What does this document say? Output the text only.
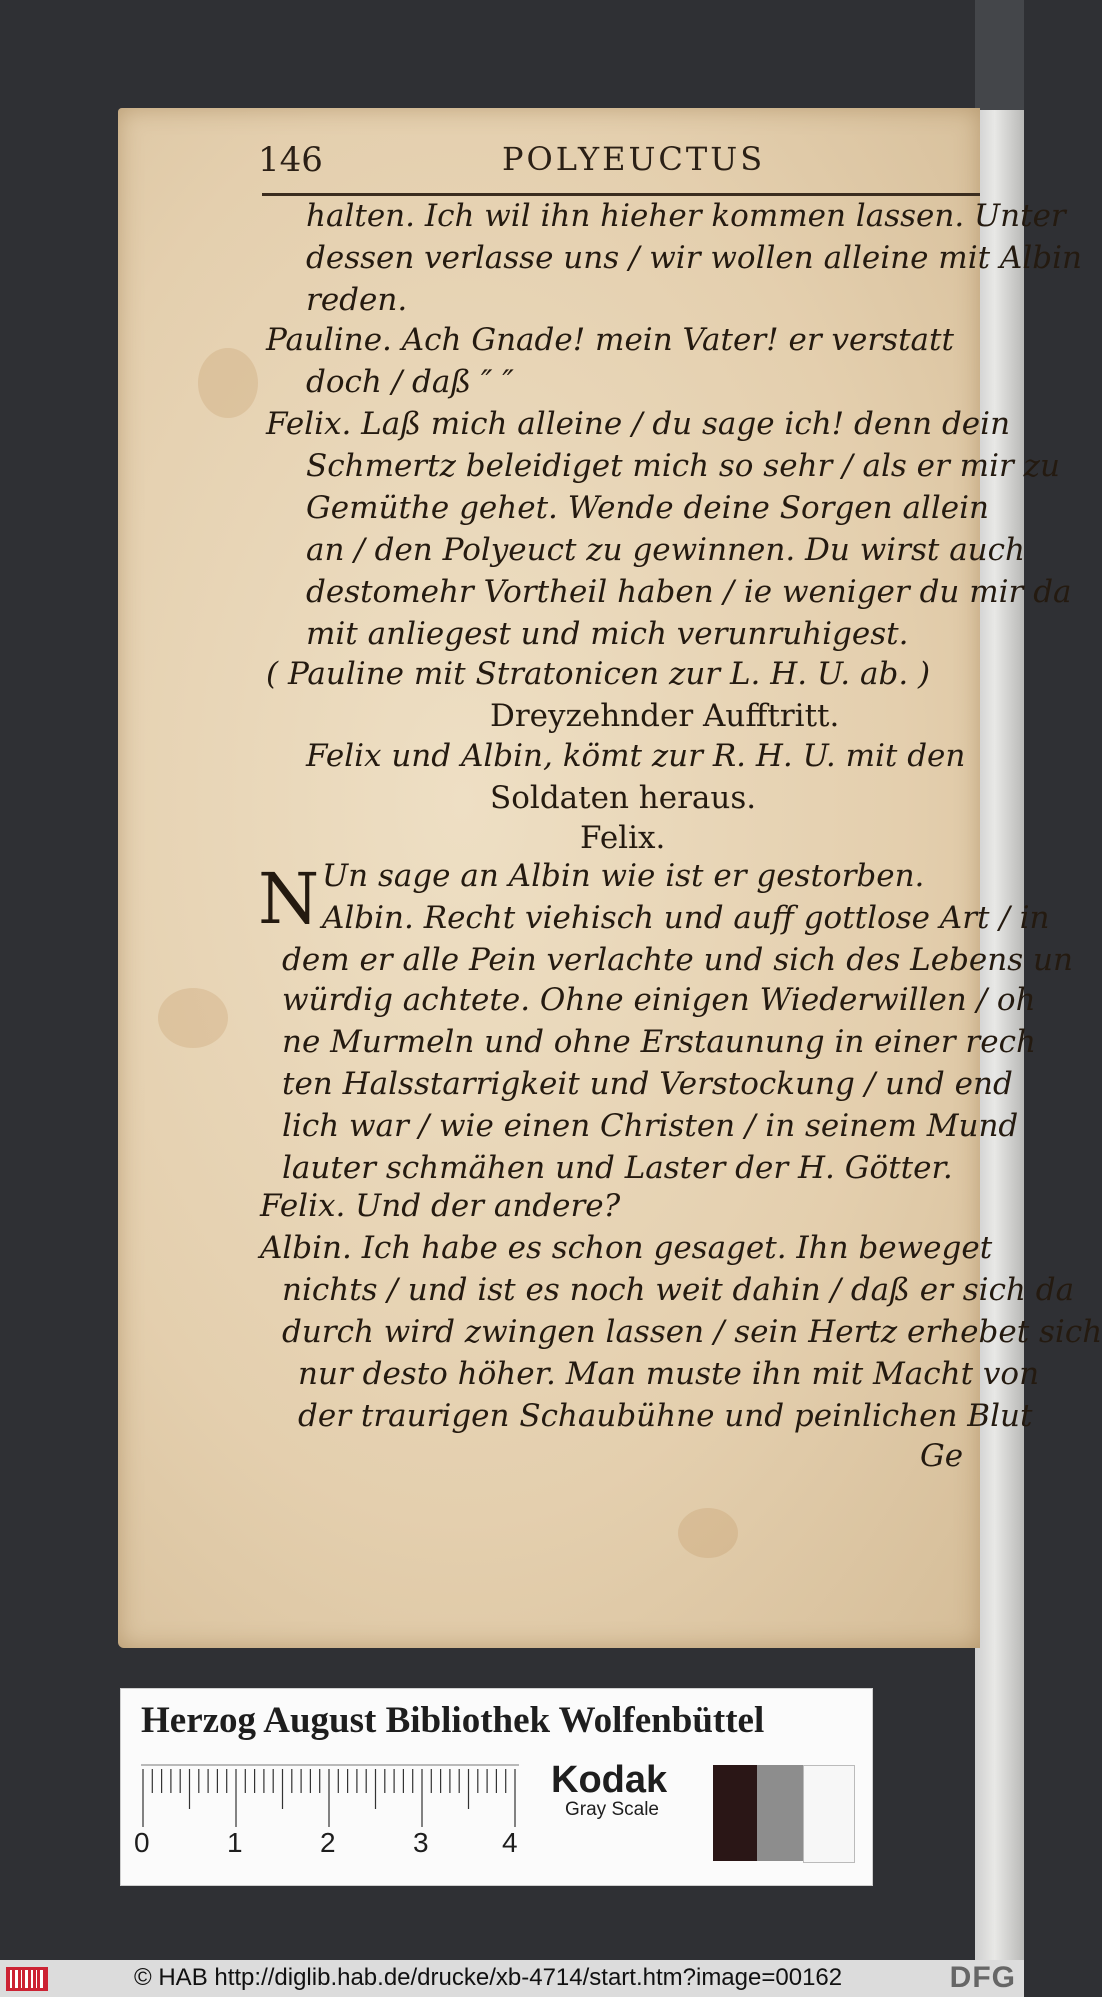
146	POLYEUCTUS
halten. Ich wil ihn hieher kommen lassen. Unter
dessen verlasse uns / wir wollen alleine mit Albin
reden.
Pauline. Ach Gnade! mein Vater! er verstatt
doch / daß ″ ″
Felix. Laß mich alleine / du sage ich! denn dein
Schmertz beleidiget mich so sehr / als er mir zu
Gemüthe gehet. Wende deine Sorgen allein
an / den Polyeuct zu gewinnen. Du wirst auch
destomehr Vortheil haben / ie weniger du mir da
mit anliegest und mich verunruhigest.
( Pauline mit Stratonicen zur L. H. U. ab. )
Dreyzehnder Aufftritt.
Felix und Albin, kömt zur R. H. U. mit den
Soldaten heraus.
Felix.
Un sage an Albin wie ist er gestorben.
Albin. Recht viehisch und auff gottlose Art / in
dem er alle Pein verlachte und sich des Lebens un
würdig achtete. Ohne einigen Wiederwillen / oh
ne Murmeln und ohne Erstaunung in einer rech
ten Halsstarrigkeit und Verstockung / und end
lich war / wie einen Christen / in seinem Mund
lauter schmähen und Laster der H. Götter.
Felix. Und der andere?
Albin. Ich habe es schon gesaget. Ihn beweget
nichts / und ist es noch weit dahin / daß er sich da
durch wird zwingen lassen / sein Hertz erhebet sich
nur desto höher. Man muste ihn mit Macht von
der traurigen Schaubühne und peinlichen Blut
Ge
N
Herzog August Bibliothek Wolfenbüttel
0	1	2	3	4
Kodak
Gray Scale
© HAB http://diglib.hab.de/drucke/xb-4714/start.htm?image=00162	DFG
